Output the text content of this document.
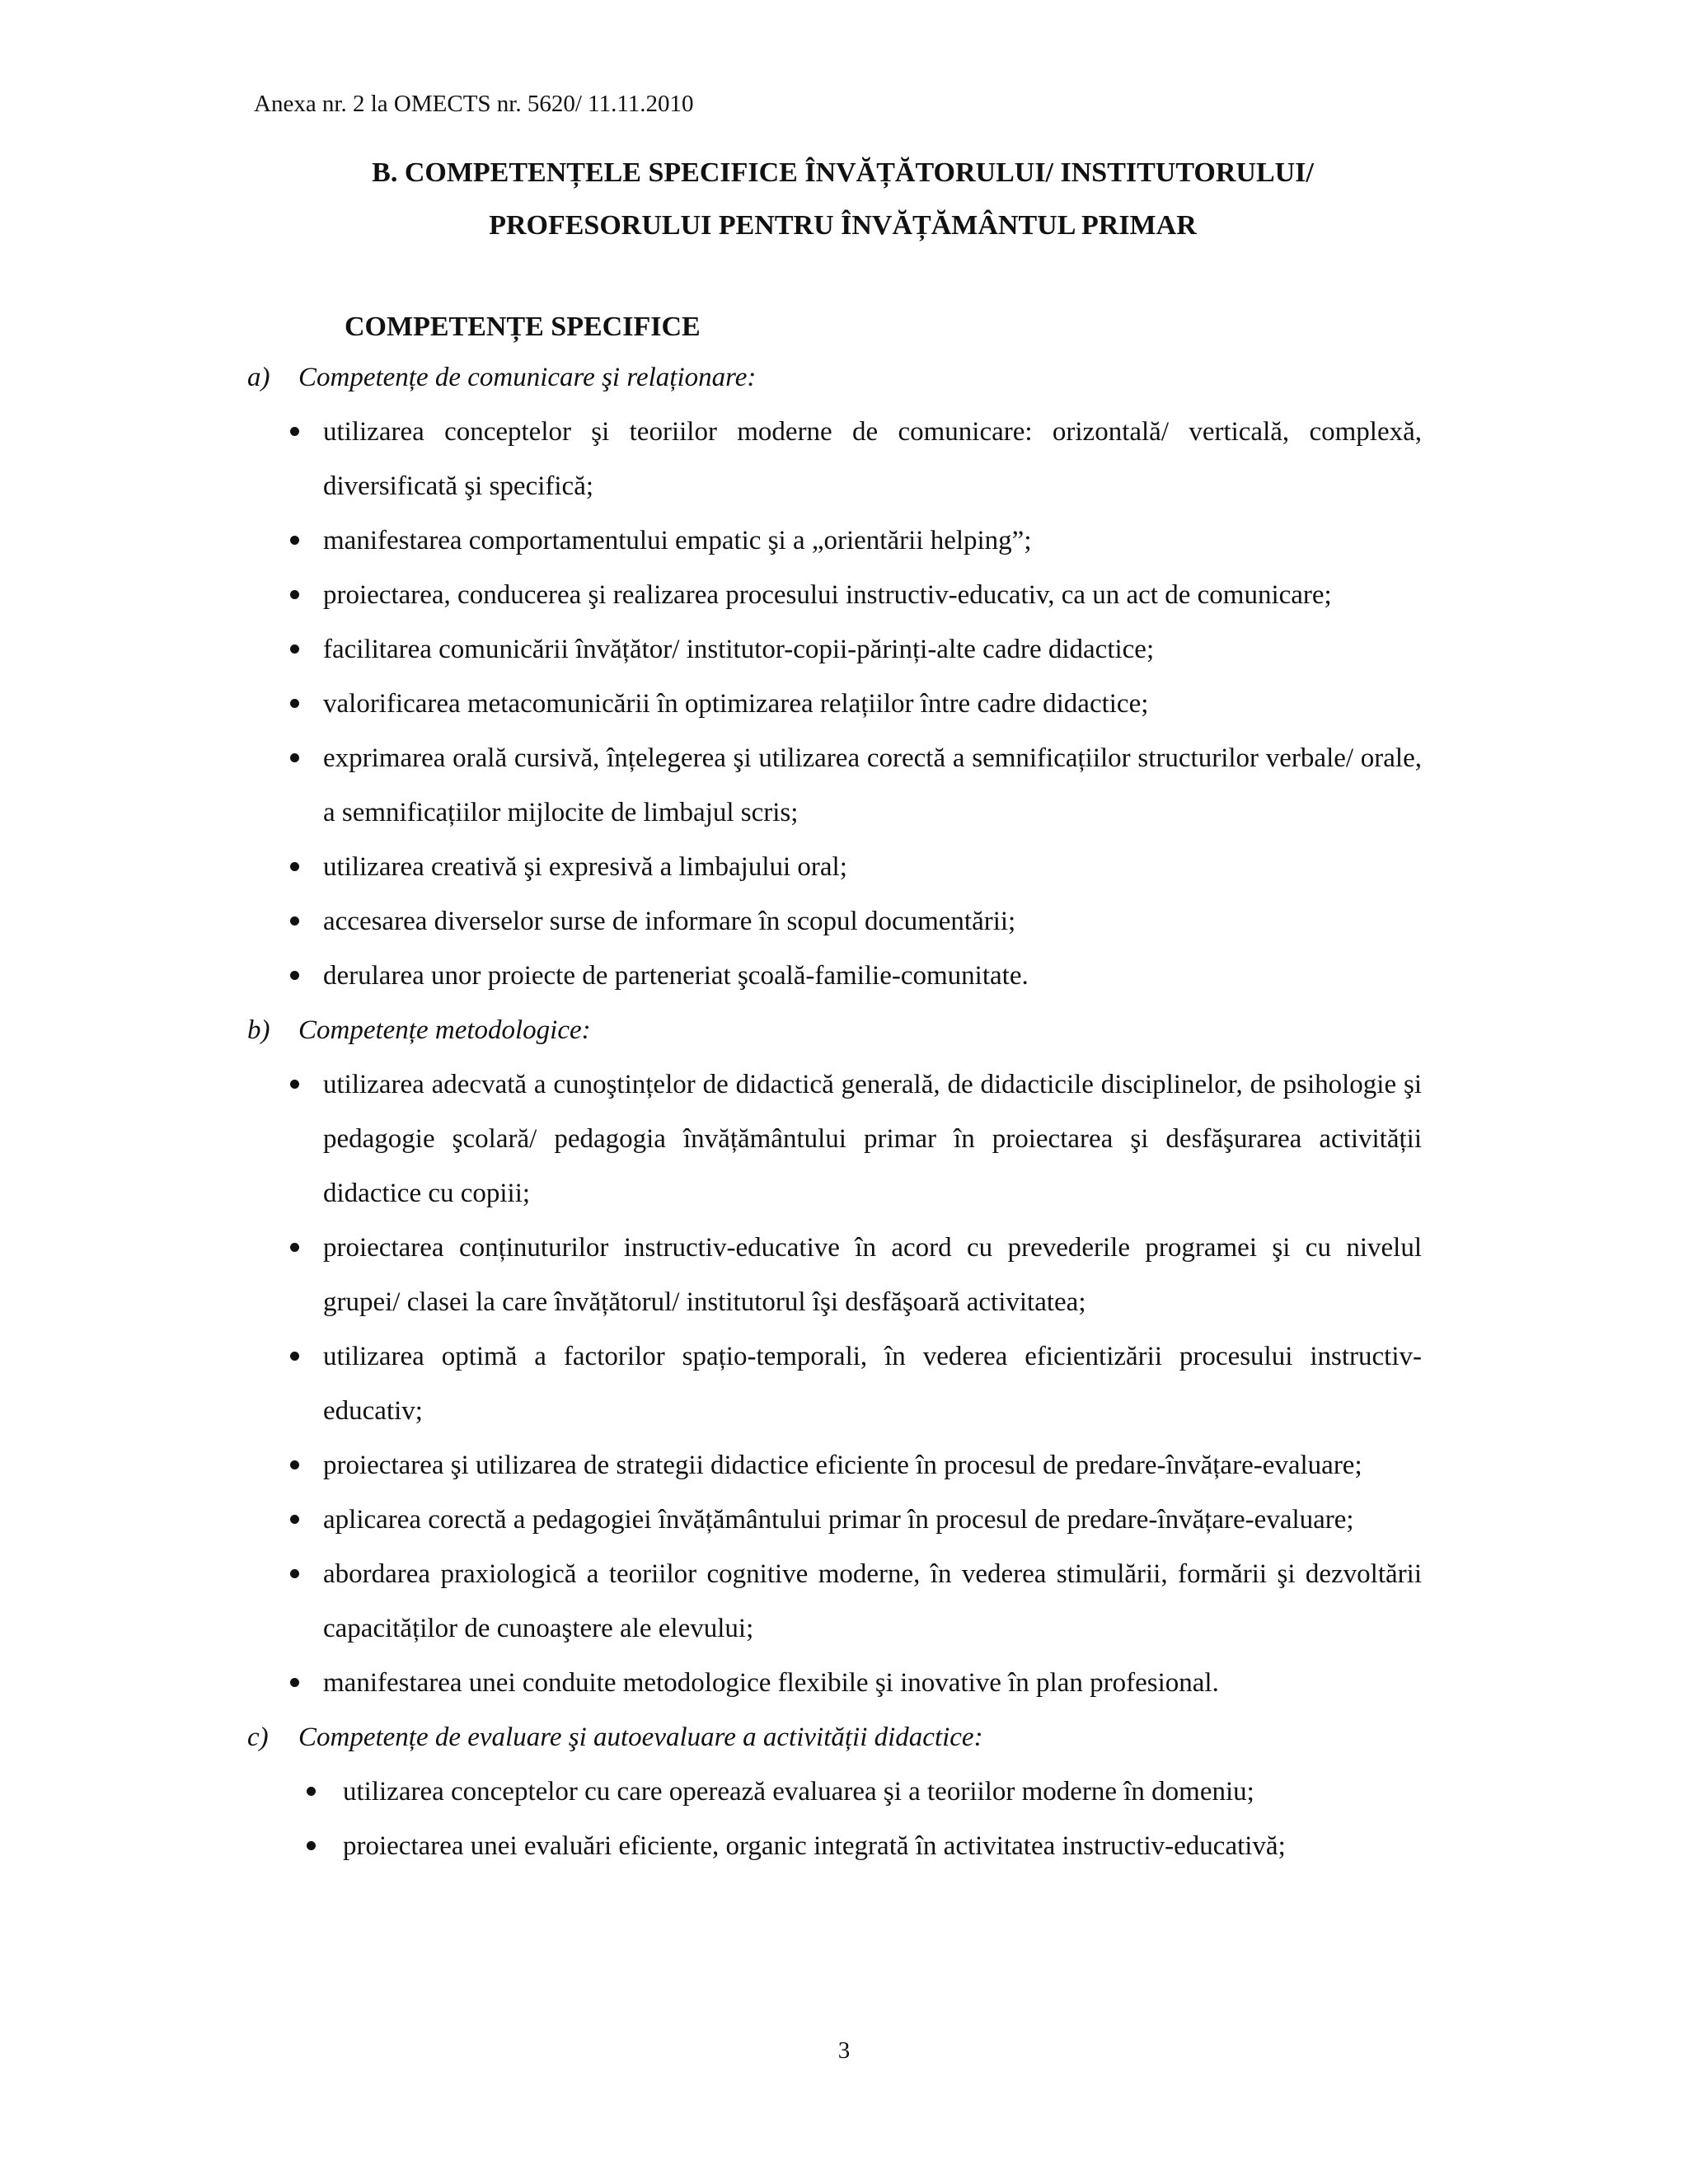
Anexa nr. 2 la OMECTS nr. 5620/ 11.11.2010
B. COMPETENȚELE SPECIFICE ÎNVĂȚĂTORULUI/ INSTITUTORULUI/
PROFESORULUI PENTRU ÎNVĂȚĂMÂNTUL PRIMAR
COMPETENȚE SPECIFICE
a)	Competențe de comunicare şi relaționare:
utilizarea conceptelor şi teoriilor moderne de comunicare: orizontală/ verticală, complexă, diversificată şi specifică;
manifestarea comportamentului empatic şi a „orientării helping”;
proiectarea, conducerea şi realizarea procesului instructiv-educativ, ca un act de comunicare;
facilitarea comunicării învățător/ institutor-copii-părinți-alte cadre didactice;
valorificarea metacomunicării în optimizarea relațiilor între cadre didactice;
exprimarea orală cursivă, înțelegerea şi utilizarea corectă a semnificațiilor structurilor verbale/ orale, a semnificațiilor mijlocite de limbajul scris;
utilizarea creativă şi expresivă a limbajului oral;
accesarea diverselor surse de informare în scopul documentării;
derularea unor proiecte de parteneriat şcoală-familie-comunitate.
b)	Competențe metodologice:
utilizarea adecvată a cunoştințelor de didactică generală, de didacticile disciplinelor, de psihologie şi pedagogie şcolară/ pedagogia învățământului primar în proiectarea şi desfăşurarea activității didactice cu copiii;
proiectarea conținuturilor instructiv-educative în acord cu prevederile programei şi cu nivelul grupei/ clasei la care învățătorul/ institutorul îşi desfăşoară activitatea;
utilizarea optimă a factorilor spațio-temporali, în vederea eficientizării procesului instructiv-educativ;
proiectarea şi utilizarea de strategii didactice eficiente în procesul de predare-învățare-evaluare;
aplicarea corectă a pedagogiei învățământului primar în procesul de predare-învățare-evaluare;
abordarea praxiologică a teoriilor cognitive moderne, în vederea stimulării, formării şi dezvoltării capacităților de cunoaştere ale elevului;
manifestarea unei conduite metodologice flexibile şi inovative în plan profesional.
c)	Competențe de evaluare şi autoevaluare a activității didactice:
utilizarea conceptelor cu care operează evaluarea şi a teoriilor moderne în domeniu;
proiectarea unei evaluări eficiente, organic integrată în activitatea instructiv-educativă;
3
